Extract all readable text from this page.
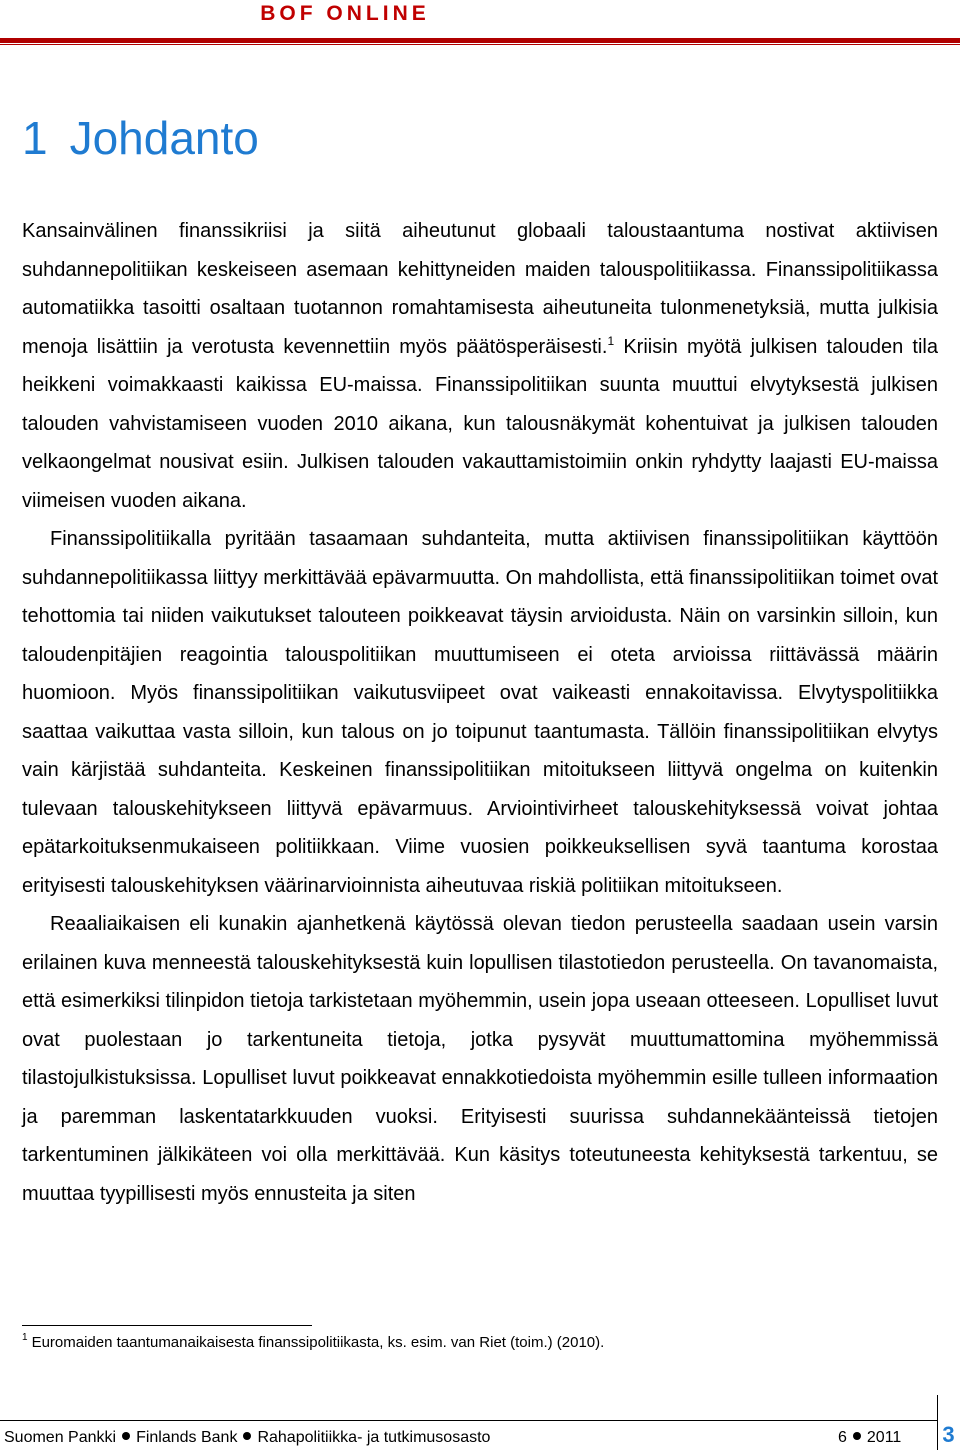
BOF ONLINE
1 Johdanto

Kansainvälinen finanssikriisi ja siitä aiheutunut globaali taloustaantuma nostivat aktiivisen suhdannepolitiikan keskeiseen asemaan kehittyneiden maiden talouspolitiikassa. Finanssipolitiikassa automatiikka tasoitti osaltaan tuotannon romahtamisesta aiheutuneita tulonmenetyksiä, mutta julkisia menoja lisättiin ja verotusta kevennettiin myös päätösperäisesti.$^1$ Kriisin myötä julkisen talouden tila heikkeni voimakkaasti kaikissa EU-maissa. Finanssipolitiikan suunta muuttui elvytyksestä julkisen talouden vahvistamiseen vuoden 2010 aikana, kun talousnäkymät kohentuivat ja julkisen talouden velkaongelmat nousivat esiin. Julkisen talouden vakauttamistoimiin onkin ryhdytty laajasti EU-maissa viimeisen vuoden aikana.

Finanssipolitiikalla pyritään tasaamaan suhdanteita, mutta aktiivisen finanssipolitiikan käyttöön suhdannepolitiikassa liittyy merkittävää epävarmuutta. On mahdollista, että finanssipolitiikan toimet ovat tehottomia tai niiden vaikutukset talouteen poikkeavat täysin arvioidusta. Näin on varsinkin silloin, kun taloudenpitäjien reagointia talouspolitiikan muuttumiseen ei oteta arvioissa riittävässä määrin huomioon. Myös finanssipolitiikan vaikutusviipeet ovat vaikeasti ennakoitavissa. Elvytyspolitiikka saattaa vaikuttaa vasta silloin, kun talous on jo toipunut taantumasta. Tällöin finanssipolitiikan elvytys vain kärjistää suhdanteita. Keskeinen finanssipolitiikan mitoitukseen liittyvä ongelma on kuitenkin tulevaan talouskehitykseen liittyvä epävarmuus. Arviointivirheet talouskehityksessä voivat johtaa epätarkoituksenmukaiseen politiikkaan. Viime vuosien poikkeuksellisen syvä taantuma korostaa erityisesti talouskehityksen väärinarvioinnista aiheutuvaa riskiä politiikan mitoitukseen.

Reaaliaikaisen eli kunakin ajanhetkenä käytössä olevan tiedon perusteella saadaan usein varsin erilainen kuva menneestä talouskehityksestä kuin lopullisen tilastotiedon perusteella. On tavanomaista, että esimerkiksi tilinpidon tietoja tarkistetaan myöhemmin, usein jopa useaan otteeseen. Lopulliset luvut ovat puolestaan jo tarkentuneita tietoja, jotka pysyvät muuttumattomina myöhemmissä tilastojulkistuksissa. Lopulliset luvut poikkeavat ennakkotiedoista myöhemmin esille tulleen informaation ja paremman laskentatarkkuuden vuoksi. Erityisesti suurissa suhdannekäänteissä tietojen tarkentuminen jälkikäteen voi olla merkittävää. Kun käsitys toteutuneesta kehityksestä tarkentuu, se muuttaa tyypillisesti myös ennusteita ja siten

$^1$ Euromaiden taantumanaikaisesta finanssipolitiikasta, ks. esim. van Riet (toim.) (2010).
Suomen Pankki Finlands Bank Rahapolitiikka- ja tutkimusosasto	6 2011 3
